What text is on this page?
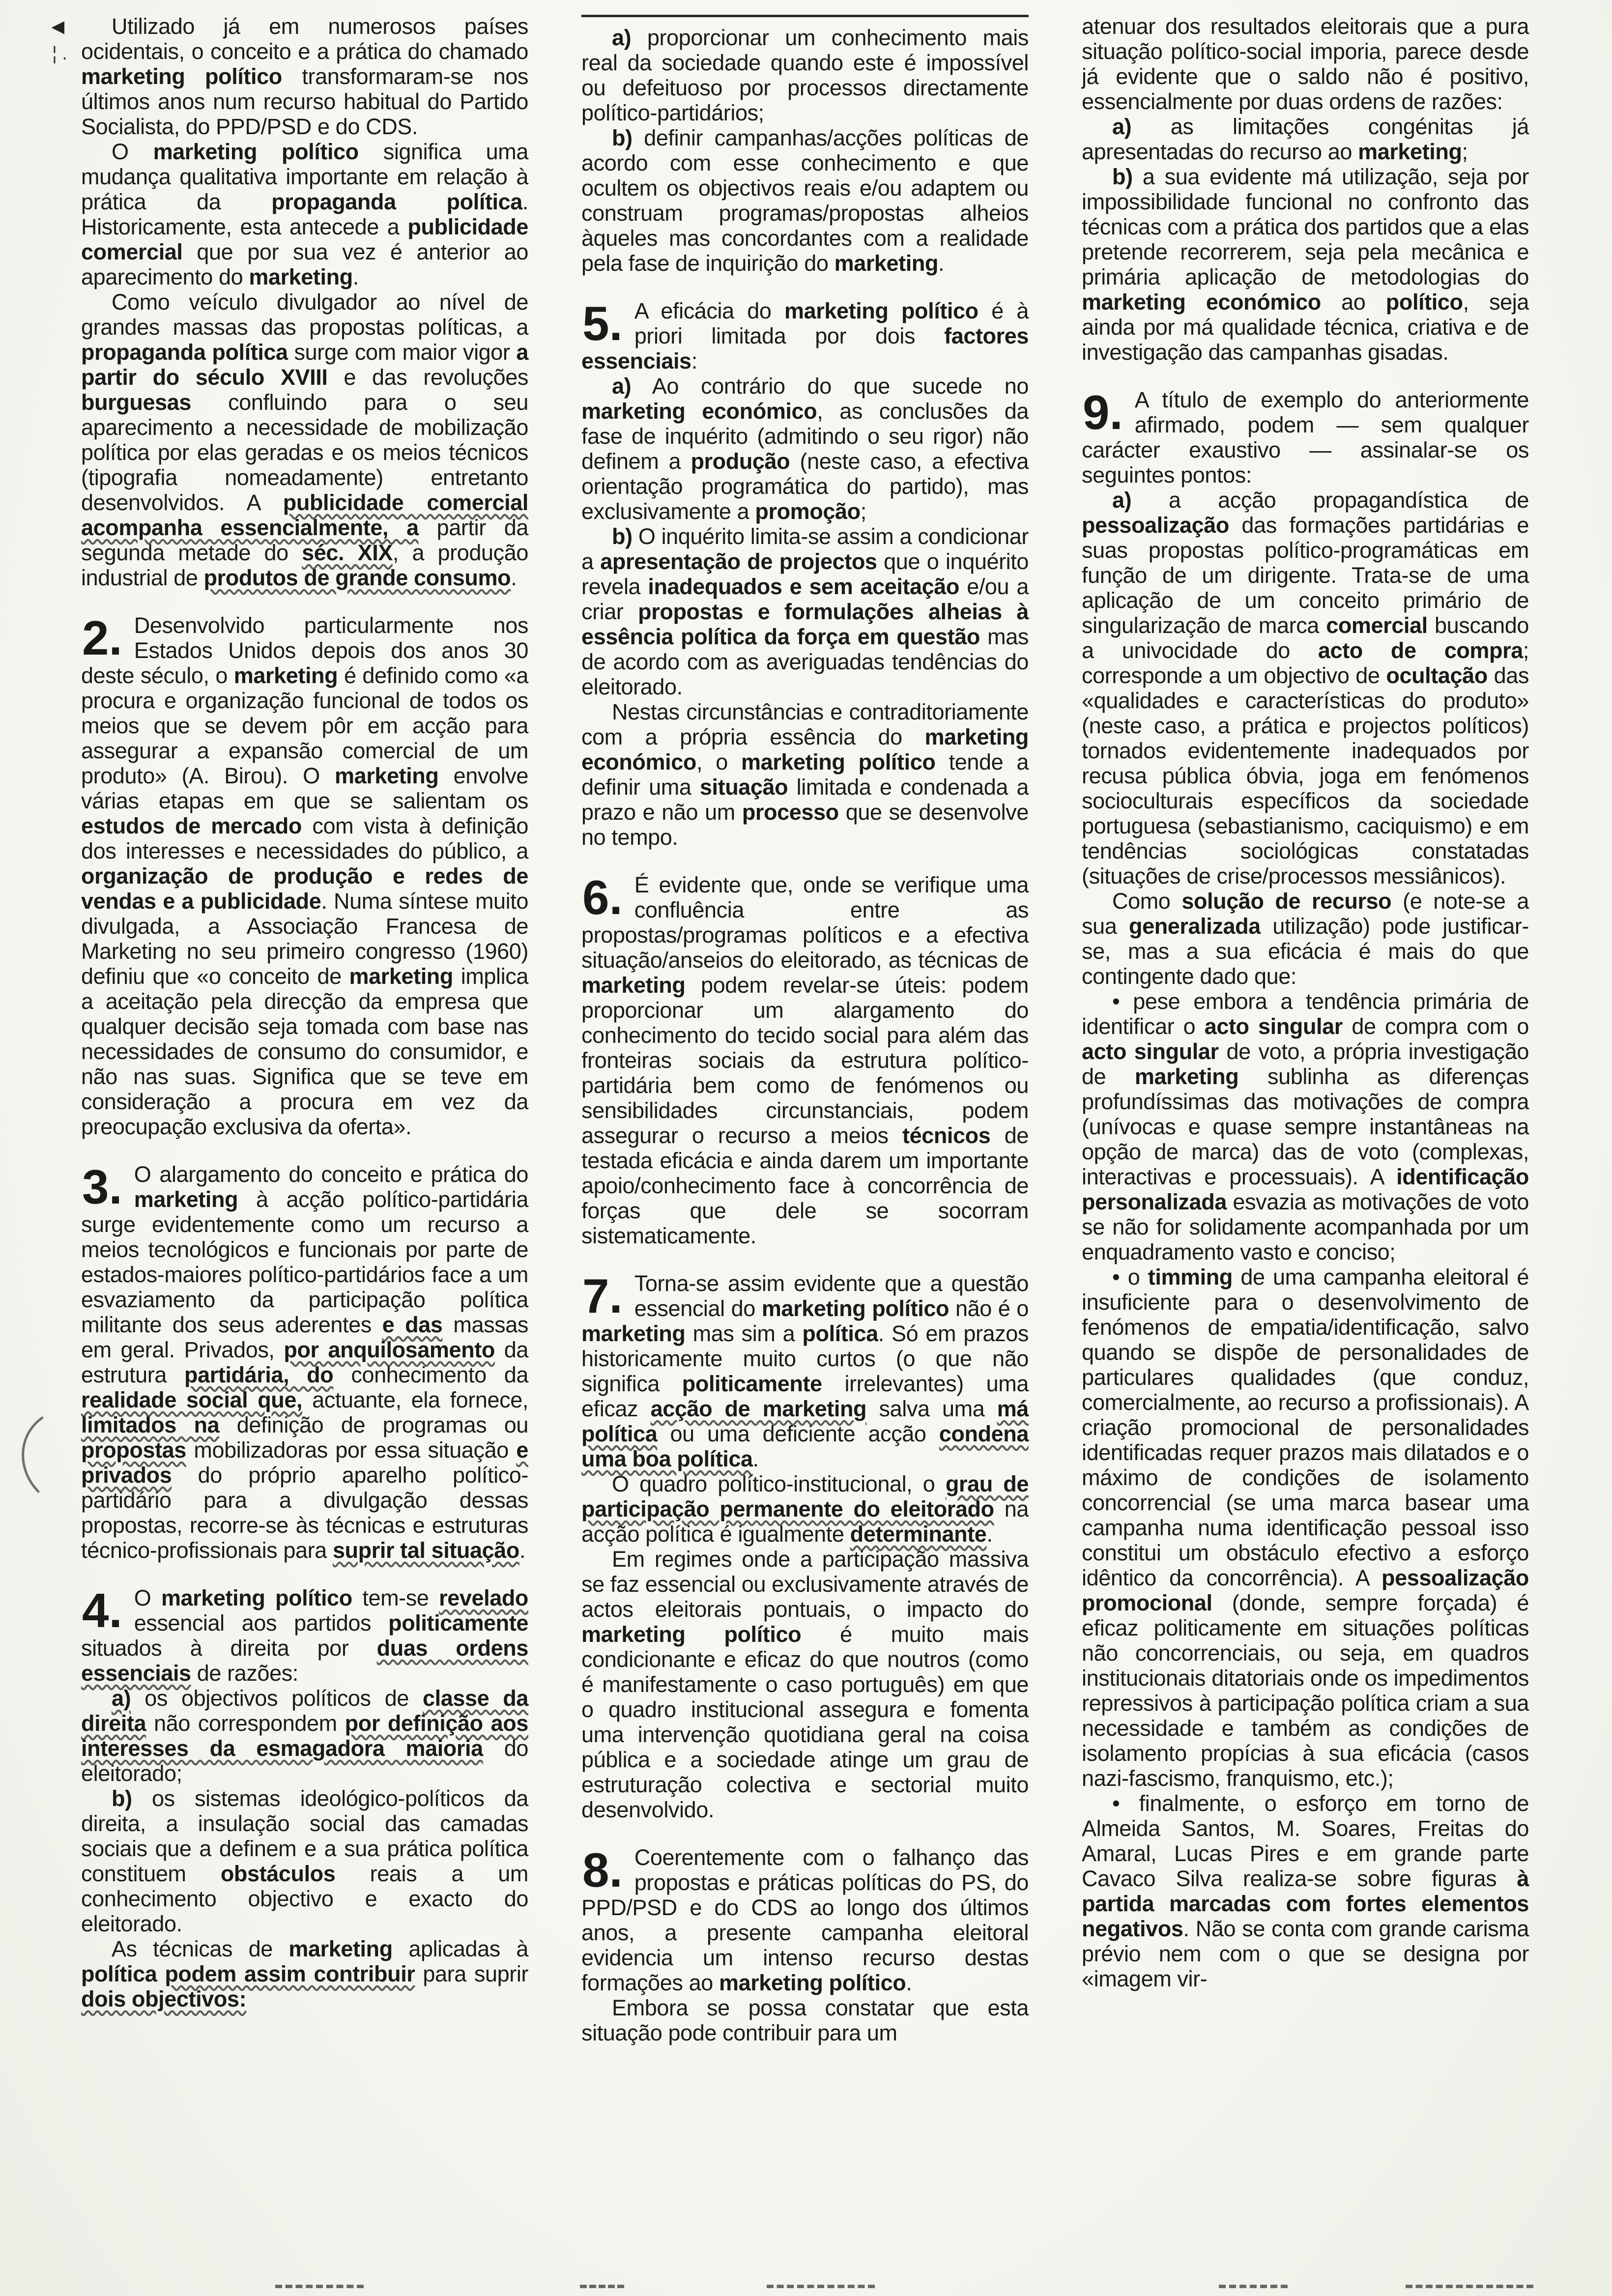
◄
¦ .

Utilizado já em numerosos países ocidentais, o conceito e a prática do chamado marketing político transformaram-se nos últimos anos num recurso habitual do Partido Socialista, do PPD/PSD e do CDS.

O marketing político significa uma mudança qualitativa importante em relação à prática da propaganda política. Historicamente, esta antecede a publicidade comercial que por sua vez é anterior ao aparecimento do marketing.

Como veículo divulgador ao nível de grandes massas das propostas políticas, a propaganda política surge com maior vigor a partir do século XVIII e das revoluções burguesas confluindo para o seu aparecimento a necessidade de mobilização política por elas geradas e os meios técnicos (tipografia nomeadamente) entretanto desenvolvidos. A publicidade comercial acompanha essencialmente, a partir da segunda metade do séc. XIX, a produção industrial de produtos de grande consumo.

2. Desenvolvido particularmente nos Estados Unidos depois dos anos 30 deste século, o marketing é definido como «a procura e organização funcional de todos os meios que se devem pôr em acção para assegurar a expansão comercial de um produto» (A. Birou). O marketing envolve várias etapas em que se salientam os estudos de mercado com vista à definição dos interesses e necessidades do público, a organização de produção e redes de vendas e a publicidade. Numa síntese muito divulgada, a Associação Francesa de Marketing no seu primeiro congresso (1960) definiu que «o conceito de marketing implica a aceitação pela direcção da empresa que qualquer decisão seja tomada com base nas necessidades de consumo do consumidor, e não nas suas. Significa que se teve em consideração a procura em vez da preocupação exclusiva da oferta».

3. O alargamento do conceito e prática do marketing à acção político-partidária surge evidentemente como um recurso a meios tecnológicos e funcionais por parte de estados-maiores político-partidários face a um esvaziamento da participação política militante dos seus aderentes e das massas em geral. Privados, por anquilosamento da estrutura partidária, do conhecimento da realidade social que, actuante, ela fornece, limitados na definição de programas ou propostas mobilizadoras por essa situação e privados do próprio aparelho político-partidário para a divulgação dessas propostas, recorre-se às técnicas e estruturas técnico-profissionais para suprir tal situação.

4. O marketing político tem-se revelado essencial aos partidos politicamente situados à direita por duas ordens essenciais de razões:

a) os objectivos políticos de classe da direita não correspondem por definição aos interesses da esmagadora maioria do eleitorado;

b) os sistemas ideológico-políticos da direita, a insulação social das camadas sociais que a definem e a sua prática política constituem obstáculos reais a um conhecimento objectivo e exacto do eleitorado.

As técnicas de marketing aplicadas à política podem assim contribuir para suprir dois objectivos:

a) proporcionar um conhecimento mais real da sociedade quando este é impossível ou defeituoso por processos directamente político-partidários;

b) definir campanhas/acções políticas de acordo com esse conhecimento e que ocultem os objectivos reais e/ou adaptem ou construam programas/propostas alheios àqueles mas concordantes com a realidade pela fase de inquirição do marketing.

5. A eficácia do marketing político é à priori limitada por dois factores essenciais:

a) Ao contrário do que sucede no marketing económico, as conclusões da fase de inquérito (admitindo o seu rigor) não definem a produção (neste caso, a efectiva orientação programática do partido), mas exclusivamente a promoção;

b) O inquérito limita-se assim a condicionar a apresentação de projectos que o inquérito revela inadequados e sem aceitação e/ou a criar propostas e formulações alheias à essência política da força em questão mas de acordo com as averiguadas tendências do eleitorado.

Nestas circunstâncias e contraditoriamente com a própria essência do marketing económico, o marketing político tende a definir uma situação limitada e condenada a prazo e não um processo que se desenvolve no tempo.

6. É evidente que, onde se verifique uma confluência entre as propostas/programas políticos e a efectiva situação/anseios do eleitorado, as técnicas de marketing podem revelar-se úteis: podem proporcionar um alargamento do conhecimento do tecido social para além das fronteiras sociais da estrutura político-partidária bem como de fenómenos ou sensibilidades circunstanciais, podem assegurar o recurso a meios técnicos de testada eficácia e ainda darem um importante apoio/conhecimento face à concorrência de forças que dele se socorram sistematicamente.

7. Torna-se assim evidente que a questão essencial do marketing político não é o marketing mas sim a política. Só em prazos historicamente muito curtos (o que não significa politicamente irrelevantes) uma eficaz acção de marketing salva uma má política ou uma deficiente acção condena uma boa política.

O quadro político-institucional, o grau de participação permanente do eleitorado na acção política é igualmente determinante.

Em regimes onde a participação massiva se faz essencial ou exclusivamente através de actos eleitorais pontuais, o impacto do marketing político é muito mais condicionante e eficaz do que noutros (como é manifestamente o caso português) em que o quadro institucional assegura e fomenta uma intervenção quotidiana geral na coisa pública e a sociedade atinge um grau de estruturação colectiva e sectorial muito desenvolvido.

8. Coerentemente com o falhanço das propostas e práticas políticas do PS, do PPD/PSD e do CDS ao longo dos últimos anos, a presente campanha eleitoral evidencia um intenso recurso destas formações ao marketing político.

Embora se possa constatar que esta situação pode contribuir para um

atenuar dos resultados eleitorais que a pura situação político-social imporia, parece desde já evidente que o saldo não é positivo, essencialmente por duas ordens de razões:

a) as limitações congénitas já apresentadas do recurso ao marketing;

b) a sua evidente má utilização, seja por impossibilidade funcional no confronto das técnicas com a prática dos partidos que a elas pretende recorrerem, seja pela mecânica e primária aplicação de metodologias do marketing económico ao político, seja ainda por má qualidade técnica, criativa e de investigação das campanhas gisadas.

9. A título de exemplo do anteriormente afirmado, podem — sem qualquer carácter exaustivo — assinalar-se os seguintes pontos:

a) a acção propagandística de pessoalização das formações partidárias e suas propostas político-programáticas em função de um dirigente. Trata-se de uma aplicação de um conceito primário de singularização de marca comercial buscando a univocidade do acto de compra; corresponde a um objectivo de ocultação das «qualidades e características do produto» (neste caso, a prática e projectos políticos) tornados evidentemente inadequados por recusa pública óbvia, joga em fenómenos socioculturais específicos da sociedade portuguesa (sebastianismo, caciquismo) e em tendências sociológicas constatadas (situações de crise/processos messiânicos).

Como solução de recurso (e note-se a sua generalizada utilização) pode justificar-se, mas a sua eficácia é mais do que contingente dado que:

• pese embora a tendência primária de identificar o acto singular de compra com o acto singular de voto, a própria investigação de marketing sublinha as diferenças profundíssimas das motivações de compra (unívocas e quase sempre instantâneas na opção de marca) das de voto (complexas, interactivas e processuais). A identificação personalizada esvazia as motivações de voto se não for solidamente acompanhada por um enquadramento vasto e conciso;

• o timming de uma campanha eleitoral é insuficiente para o desenvolvimento de fenómenos de empatia/identificação, salvo quando se dispõe de personalidades de particulares qualidades (que conduz, comercialmente, ao recurso a profissionais). A criação promocional de personalidades identificadas requer prazos mais dilatados e o máximo de condições de isolamento concorrencial (se uma marca basear uma campanha numa identificação pessoal isso constitui um obstáculo efectivo a esforço idêntico da concorrência). A pessoalização promocional (donde, sempre forçada) é eficaz politicamente em situações políticas não concorrenciais, ou seja, em quadros institucionais ditatoriais onde os impedimentos repressivos à participação política criam a sua necessidade e também as condições de isolamento propícias à sua eficácia (casos nazi-fascismo, franquismo, etc.);

• finalmente, o esforço em torno de Almeida Santos, M. Soares, Freitas do Amaral, Lucas Pires e em grande parte Cavaco Silva realiza-se sobre figuras à partida marcadas com fortes elementos negativos. Não se conta com grande carisma prévio nem com o que se designa por «imagem vir-
